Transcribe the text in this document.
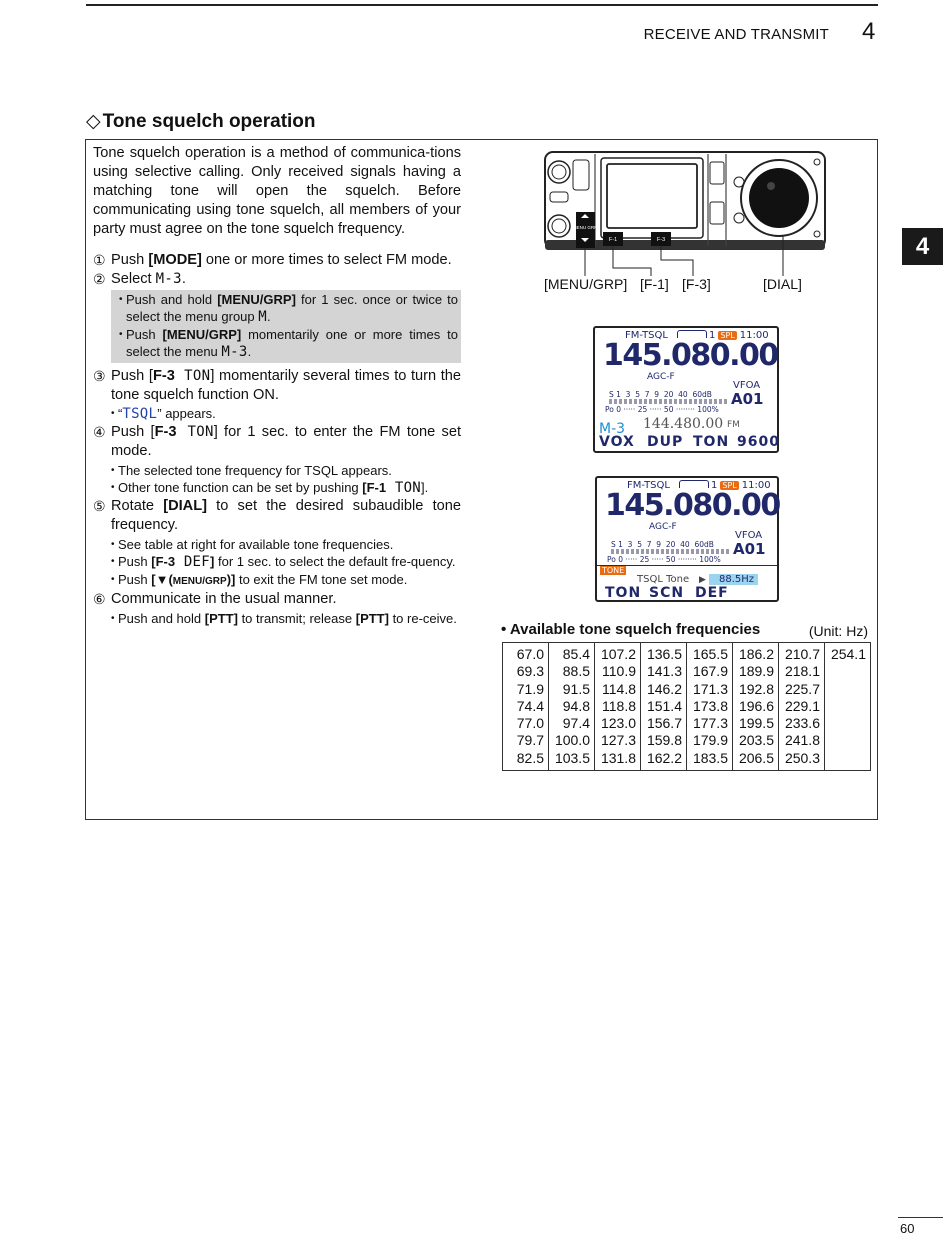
RECEIVE AND TRANSMIT 4
4
◇ Tone squelch operation

Tone squelch operation is a method of communica-tions using selective calling. Only received signals having a matching tone will open the squelch. Before communicating using tone squelch, all members of your party must agree on the tone squelch frequency.

① Push [MODE] one or more times to select FM mode.
② Select M-3.
• Push and hold [MENU/GRP] for 1 sec. once or twice to select the menu group M.
• Push [MENU/GRP] momentarily one or more times to select the menu M-3.
③ Push [F-3 TON] momentarily several times to turn the tone squelch function ON.
• “TSQL” appears.
④ Push [F-3 TON] for 1 sec. to enter the FM tone set mode.
• The selected tone frequency for TSQL appears.
• Other tone function can be set by pushing [F-1 TON].
⑤ Rotate [DIAL] to set the desired subaudible tone frequency.
• See table at right for available tone frequencies.
• Push [F-3 DEF] for 1 sec. to select the default fre-quency.
• Push [▼(MENU/GRP)] to exit the FM tone set mode.
⑥ Communicate in the usual manner.
• Push and hold [PTT] to transmit; release [PTT] to re-ceive.
MENU GRP
F-1	F-3
[MENU/GRP] [F-1] [F-3]	[DIAL]
FM-TSQL	1 SPL 11:00
145.080.00
AGC-F
VFOA
A01
S 1  3  5  7  9  20  40  60dB
Po 0 ····· 25 ····· 50 ········ 100%
M-3 144.480.00 FM
VOX DUP TON 9600
FM-TSQL	1 SPL 11:00
145.080.00
AGC-F
VFOA
A01
S 1  3  5  7  9  20  40  60dB
Po 0 ····· 25 ····· 50 ········ 100%
TONE
TSQL Tone ▶	88.5Hz
TON SCN DEF
• Available tone squelch frequencies	(Unit: Hz)
67.0	85.4	107.2	136.5	165.5	186.2	210.7	254.1
69.3	88.5	110.9	141.3	167.9	189.9	218.1	
71.9	91.5	114.8	146.2	171.3	192.8	225.7	
74.4	94.8	118.8	151.4	173.8	196.6	229.1	
77.0	97.4	123.0	156.7	177.3	199.5	233.6	
79.7	100.0	127.3	159.8	179.9	203.5	241.8	
82.5	103.5	131.8	162.2	183.5	206.5	250.3	
60
